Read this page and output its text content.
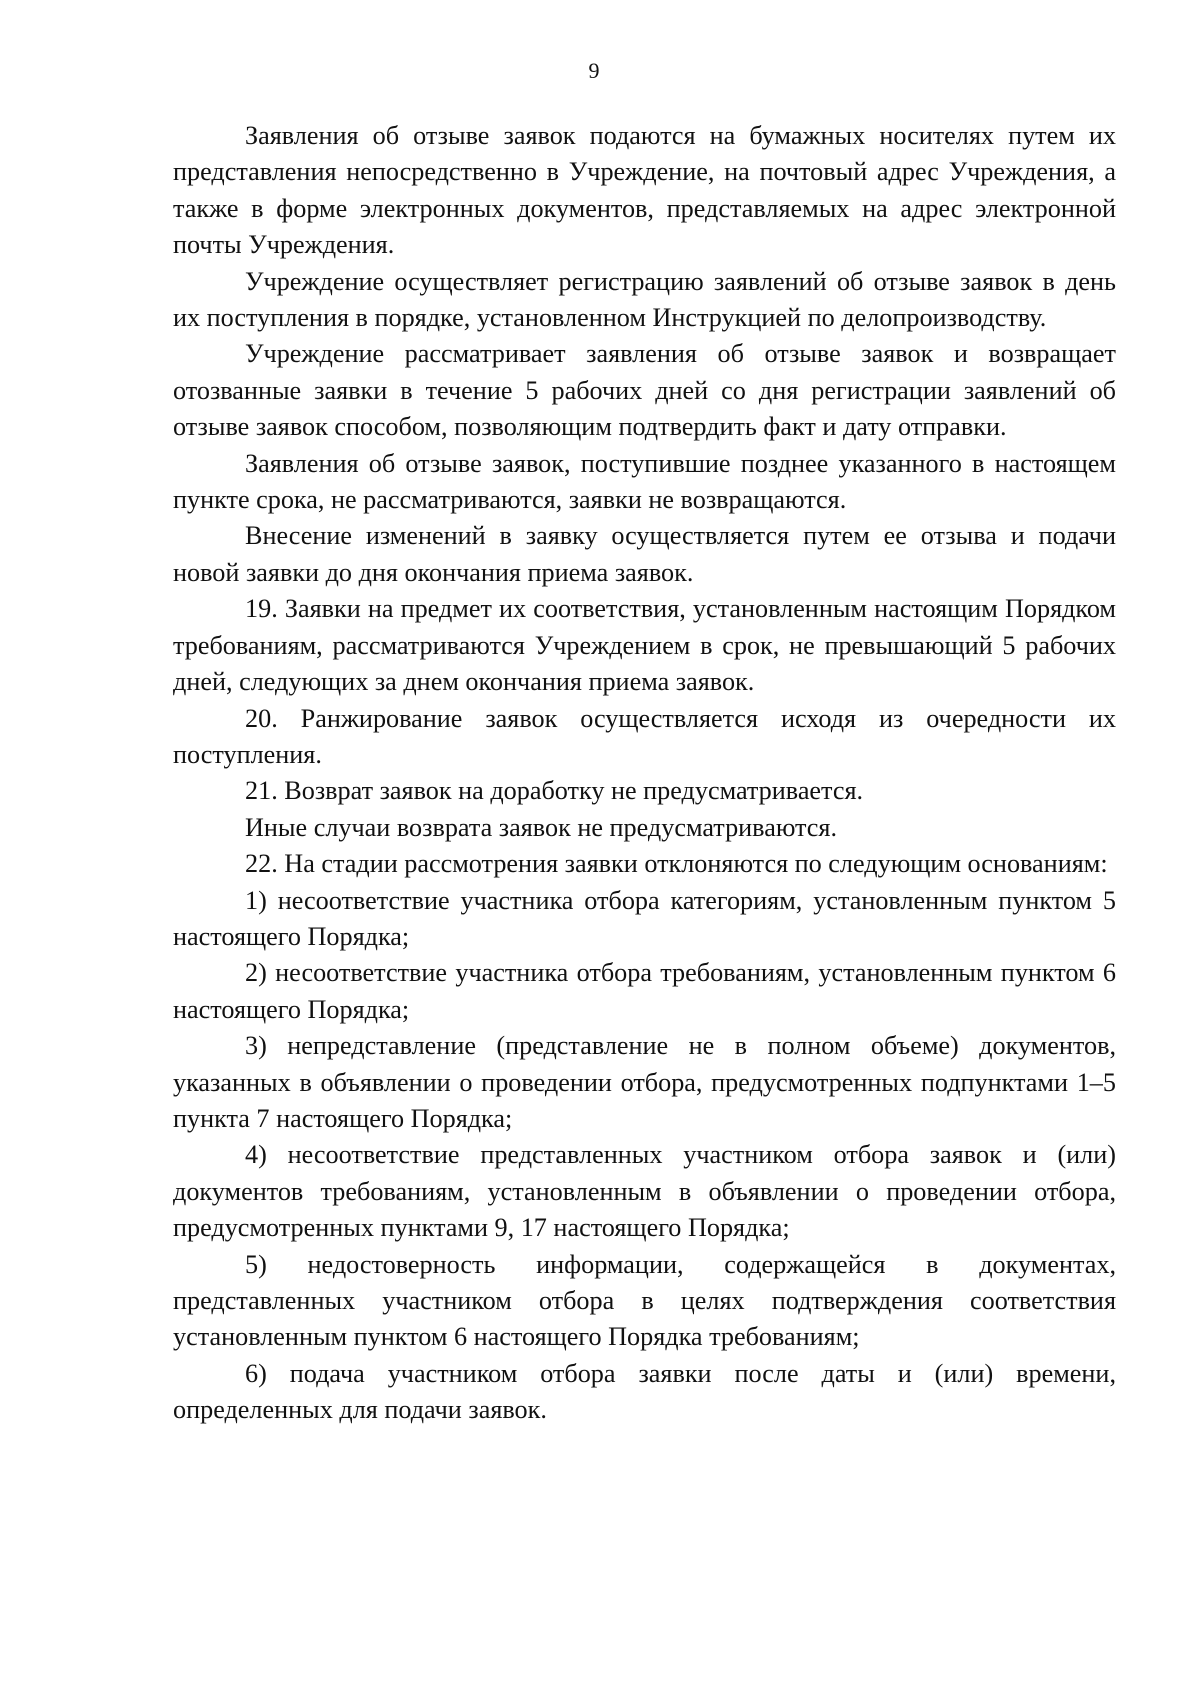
9

Заявления об отзыве заявок подаются на бумажных носителях путем их представления непосредственно в Учреждение, на почтовый адрес Учреждения, а также в форме электронных документов, представляемых на адрес электронной почты Учреждения.

Учреждение осуществляет регистрацию заявлений об отзыве заявок в день их поступления в порядке, установленном Инструкцией по делопроизводству.

Учреждение рассматривает заявления об отзыве заявок и возвращает отозванные заявки в течение 5 рабочих дней со дня регистрации заявлений об отзыве заявок способом, позволяющим подтвердить факт и дату отправки.

Заявления об отзыве заявок, поступившие позднее указанного в настоящем пункте срока, не рассматриваются, заявки не возвращаются.

Внесение изменений в заявку осуществляется путем ее отзыва и подачи новой заявки до дня окончания приема заявок.

19. Заявки на предмет их соответствия, установленным настоящим Порядком требованиям, рассматриваются Учреждением в срок, не превышающий 5 рабочих дней, следующих за днем окончания приема заявок.

20. Ранжирование заявок осуществляется исходя из очередности их поступления.

21. Возврат заявок на доработку не предусматривается.

Иные случаи возврата заявок не предусматриваются.

22. На стадии рассмотрения заявки отклоняются по следующим основаниям:

1) несоответствие участника отбора категориям, установленным пунктом 5 настоящего Порядка;

2) несоответствие участника отбора требованиям, установленным пунктом 6 настоящего Порядка;

3) непредставление (представление не в полном объеме) документов, указанных в объявлении о проведении отбора, предусмотренных подпунктами 1–5 пункта 7 настоящего Порядка;

4) несоответствие представленных участником отбора заявок и (или) документов требованиям, установленным в объявлении о проведении отбора, предусмотренных пунктами 9, 17 настоящего Порядка;

5) недостоверность информации, содержащейся в документах, представленных участником отбора в целях подтверждения соответствия установленным пунктом 6 настоящего Порядка требованиям;

6) подача участником отбора заявки после даты и (или) времени, определенных для подачи заявок.
